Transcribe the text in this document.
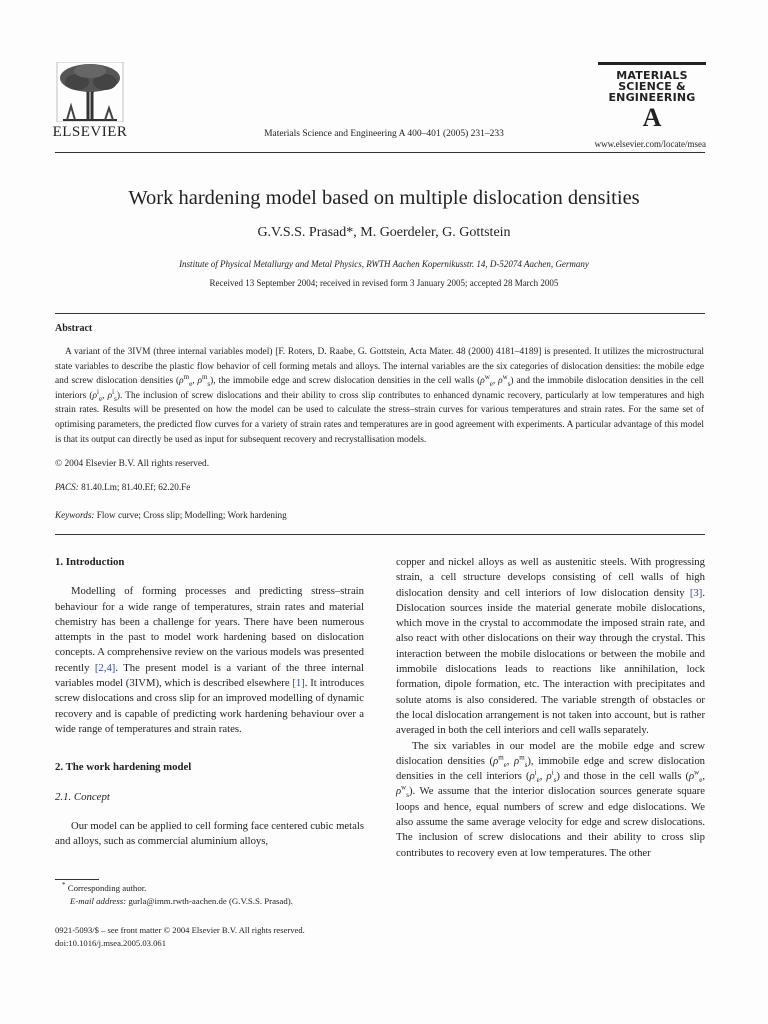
ELSEVIER	Materials Science and Engineering A 400–401 (2005) 231–233
MATERIALS
SCIENCE &
ENGINEERING
A
www.elsevier.com/locate/msea
Work hardening model based on multiple dislocation densities
G.V.S.S. Prasad*, M. Goerdeler, G. Gottstein
Institute of Physical Metallurgy and Metal Physics, RWTH Aachen Kopernikusstr. 14, D-52074 Aachen, Germany
Received 13 September 2004; received in revised form 3 January 2005; accepted 28 March 2005
Abstract

A variant of the 3IVM (three internal variables model) [F. Roters, D. Raabe, G. Gottstein, Acta Mater. 48 (2000) 4181–4189] is presented. It utilizes the microstructural state variables to describe the plastic flow behavior of cell forming metals and alloys. The internal variables are the six categories of dislocation densities: the mobile edge and screw dislocation densities ($\rho^m_e$, $\rho^m_s$), the immobile edge and screw dislocation densities in the cell walls ($\rho^w_e$, $\rho^w_s$) and the immobile dislocation densities in the cell interiors ($\rho^i_e$, $\rho^i_s$). The inclusion of screw dislocations and their ability to cross slip contributes to enhanced dynamic recovery, particularly at low temperatures and high strain rates. Results will be presented on how the model can be used to calculate the stress–strain curves for various temperatures and strain rates. For the same set of optimising parameters, the predicted flow curves for a variety of strain rates and temperatures are in good agreement with experiments. A particular advantage of this model is that its output can directly be used as input for subsequent recovery and recrystallisation models.

© 2004 Elsevier B.V. All rights reserved.
PACS: 81.40.Lm; 81.40.Ef; 62.20.Fe
Keywords: Flow curve; Cross slip; Modelling; Work hardening

1. Introduction

Modelling of forming processes and predicting stress–strain behaviour for a wide range of temperatures, strain rates and material chemistry has been a challenge for years. There have been numerous attempts in the past to model work hardening based on dislocation concepts. A comprehensive review on the various models was presented recently [2,4]. The present model is a variant of the three internal variables model (3IVM), which is described elsewhere [1]. It introduces screw dislocations and cross slip for an improved modelling of dynamic recovery and is capable of predicting work hardening behaviour over a wide range of temperatures and strain rates.

2. The work hardening model

2.1. Concept

Our model can be applied to cell forming face centered cubic metals and alloys, such as commercial aluminium alloys,

* Corresponding author.
E-mail address: gurla@imm.rwth-aachen.de (G.V.S.S. Prasad).
0921-5093/$ – see front matter © 2004 Elsevier B.V. All rights reserved.
doi:10.1016/j.msea.2005.03.061

copper and nickel alloys as well as austenitic steels. With progressing strain, a cell structure develops consisting of cell walls of high dislocation density and cell interiors of low dislocation density [3]. Dislocation sources inside the material generate mobile dislocations, which move in the crystal to accommodate the imposed strain rate, and also react with other dislocations on their way through the crystal. This interaction between the mobile dislocations or between the mobile and immobile dislocations leads to reactions like annihilation, lock formation, dipole formation, etc. The interaction with precipitates and solute atoms is also considered. The variable strength of obstacles or the local dislocation arrangement is not taken into account, but is rather averaged in both the cell interiors and cell walls separately.

The six variables in our model are the mobile edge and screw dislocation densities ($\rho^m_e$, $\rho^m_s$), immobile edge and screw dislocation densities in the cell interiors ($\rho^i_e$, $\rho^i_s$) and those in the cell walls ($\rho^w_e$, $\rho^w_s$). We assume that the interior dislocation sources generate square loops and hence, equal numbers of screw and edge dislocations. We also assume the same average velocity for edge and screw dislocations. The inclusion of screw dislocations and their ability to cross slip contributes to recovery even at low temperatures. The other
